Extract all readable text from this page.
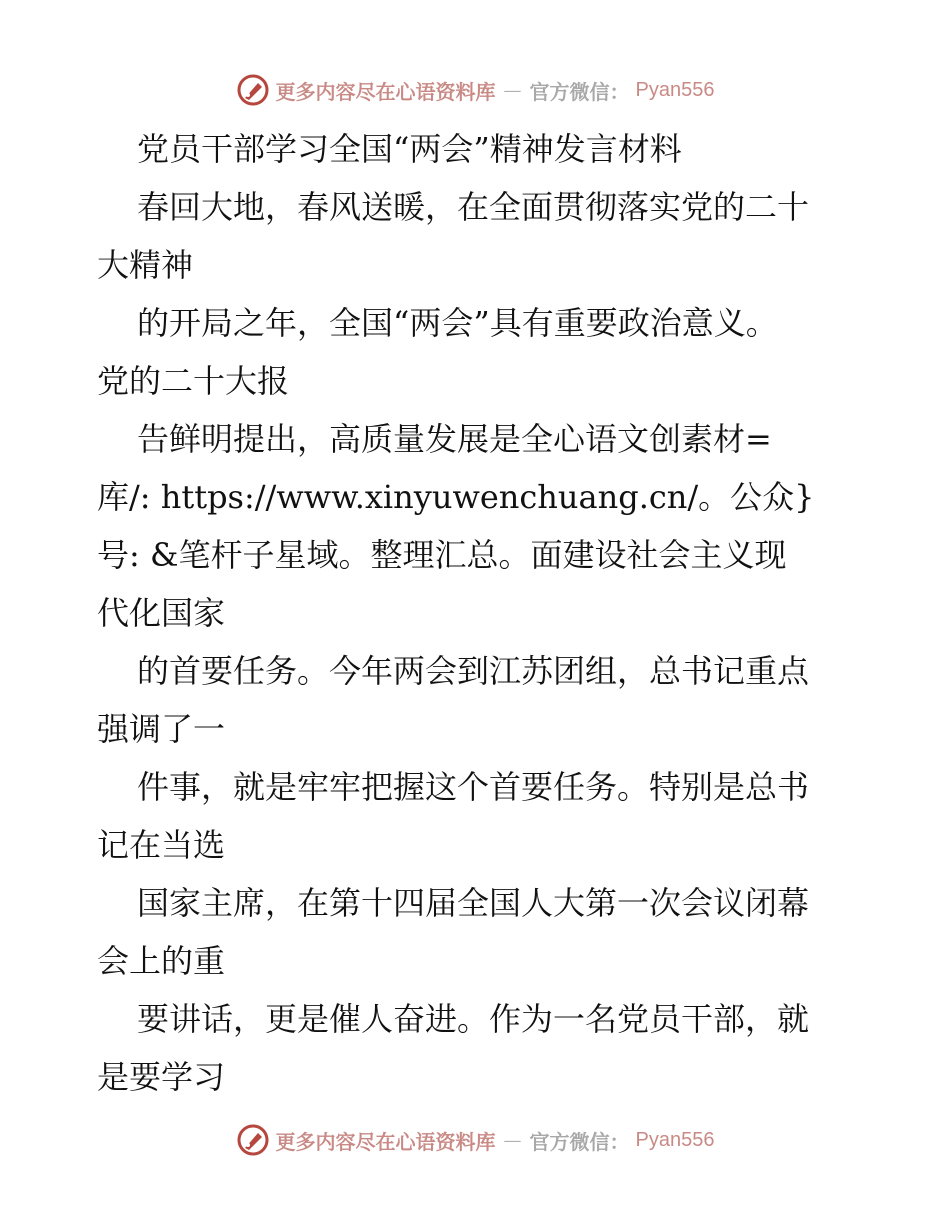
更多内容尽在心语资料库 — 官方微信： Pyan556
党员干部学习全国“两会”精神发言材料
春回大地，春风送暖，在全面贯彻落实党的二十
大精神
的开局之年，全国“两会”具有重要政治意义。
党的二十大报
告鲜明提出，高质量发展是全心语文创素材=
库/: https://www.xinyuwenchuang.cn/。公众}
号: &笔杆子星域。整理汇总。面建设社会主义现
代化国家
的首要任务。今年两会到江苏团组，总书记重点
强调了一
件事，就是牢牢把握这个首要任务。特别是总书
记在当选
国家主席，在第十四届全国人大第一次会议闭幕
会上的重
要讲话，更是催人奋进。作为一名党员干部，就
是要学习
更多内容尽在心语资料库 — 官方微信： Pyan556
